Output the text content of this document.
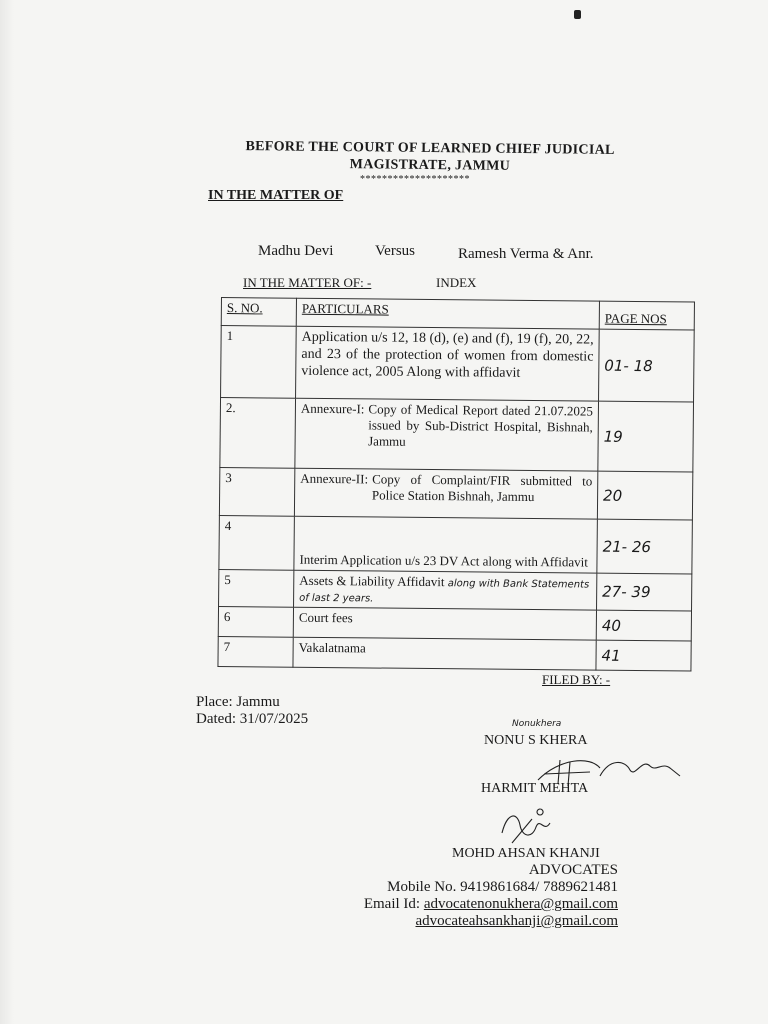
BEFORE THE COURT OF LEARNED CHIEF JUDICIAL
MAGISTRATE, JAMMU
********************
IN THE MATTER OF
Madhu Devi	Versus	Ramesh Verma & Anr.
IN THE MATTER OF: -	INDEX
S. NO.	PARTICULARS	PAGE NOS
1	Application u/s 12, 18 (d), (e) and (f), 19 (f), 20, 22, and 23 of the protection of women from domestic violence act, 2005 Along with affidavit	01- 18
2.	Annexure-I: Copy of Medical Report dated 21.07.2025 issued by Sub-District Hospital, Bishnah, Jammu	19
3	Annexure-II: Copy of Complaint/FIR submitted to Police Station Bishnah, Jammu	20
4	Interim Application u/s 23 DV Act along with Affidavit	21- 26
5	Assets & Liability Affidavit along with Bank Statements of last 2 years.	27- 39
6	Court fees	40
7	Vakalatnama	41
FILED BY: -
Place: Jammu
Dated: 31/07/2025	Nonukhera
NONU S KHERA
HARMIT MEHTA
MOHD AHSAN KHANJI
ADVOCATES
Mobile No. 9419861684/ 7889621481
Email Id: advocatenonukhera@gmail.com
advocateahsankhanji@gmail.com
